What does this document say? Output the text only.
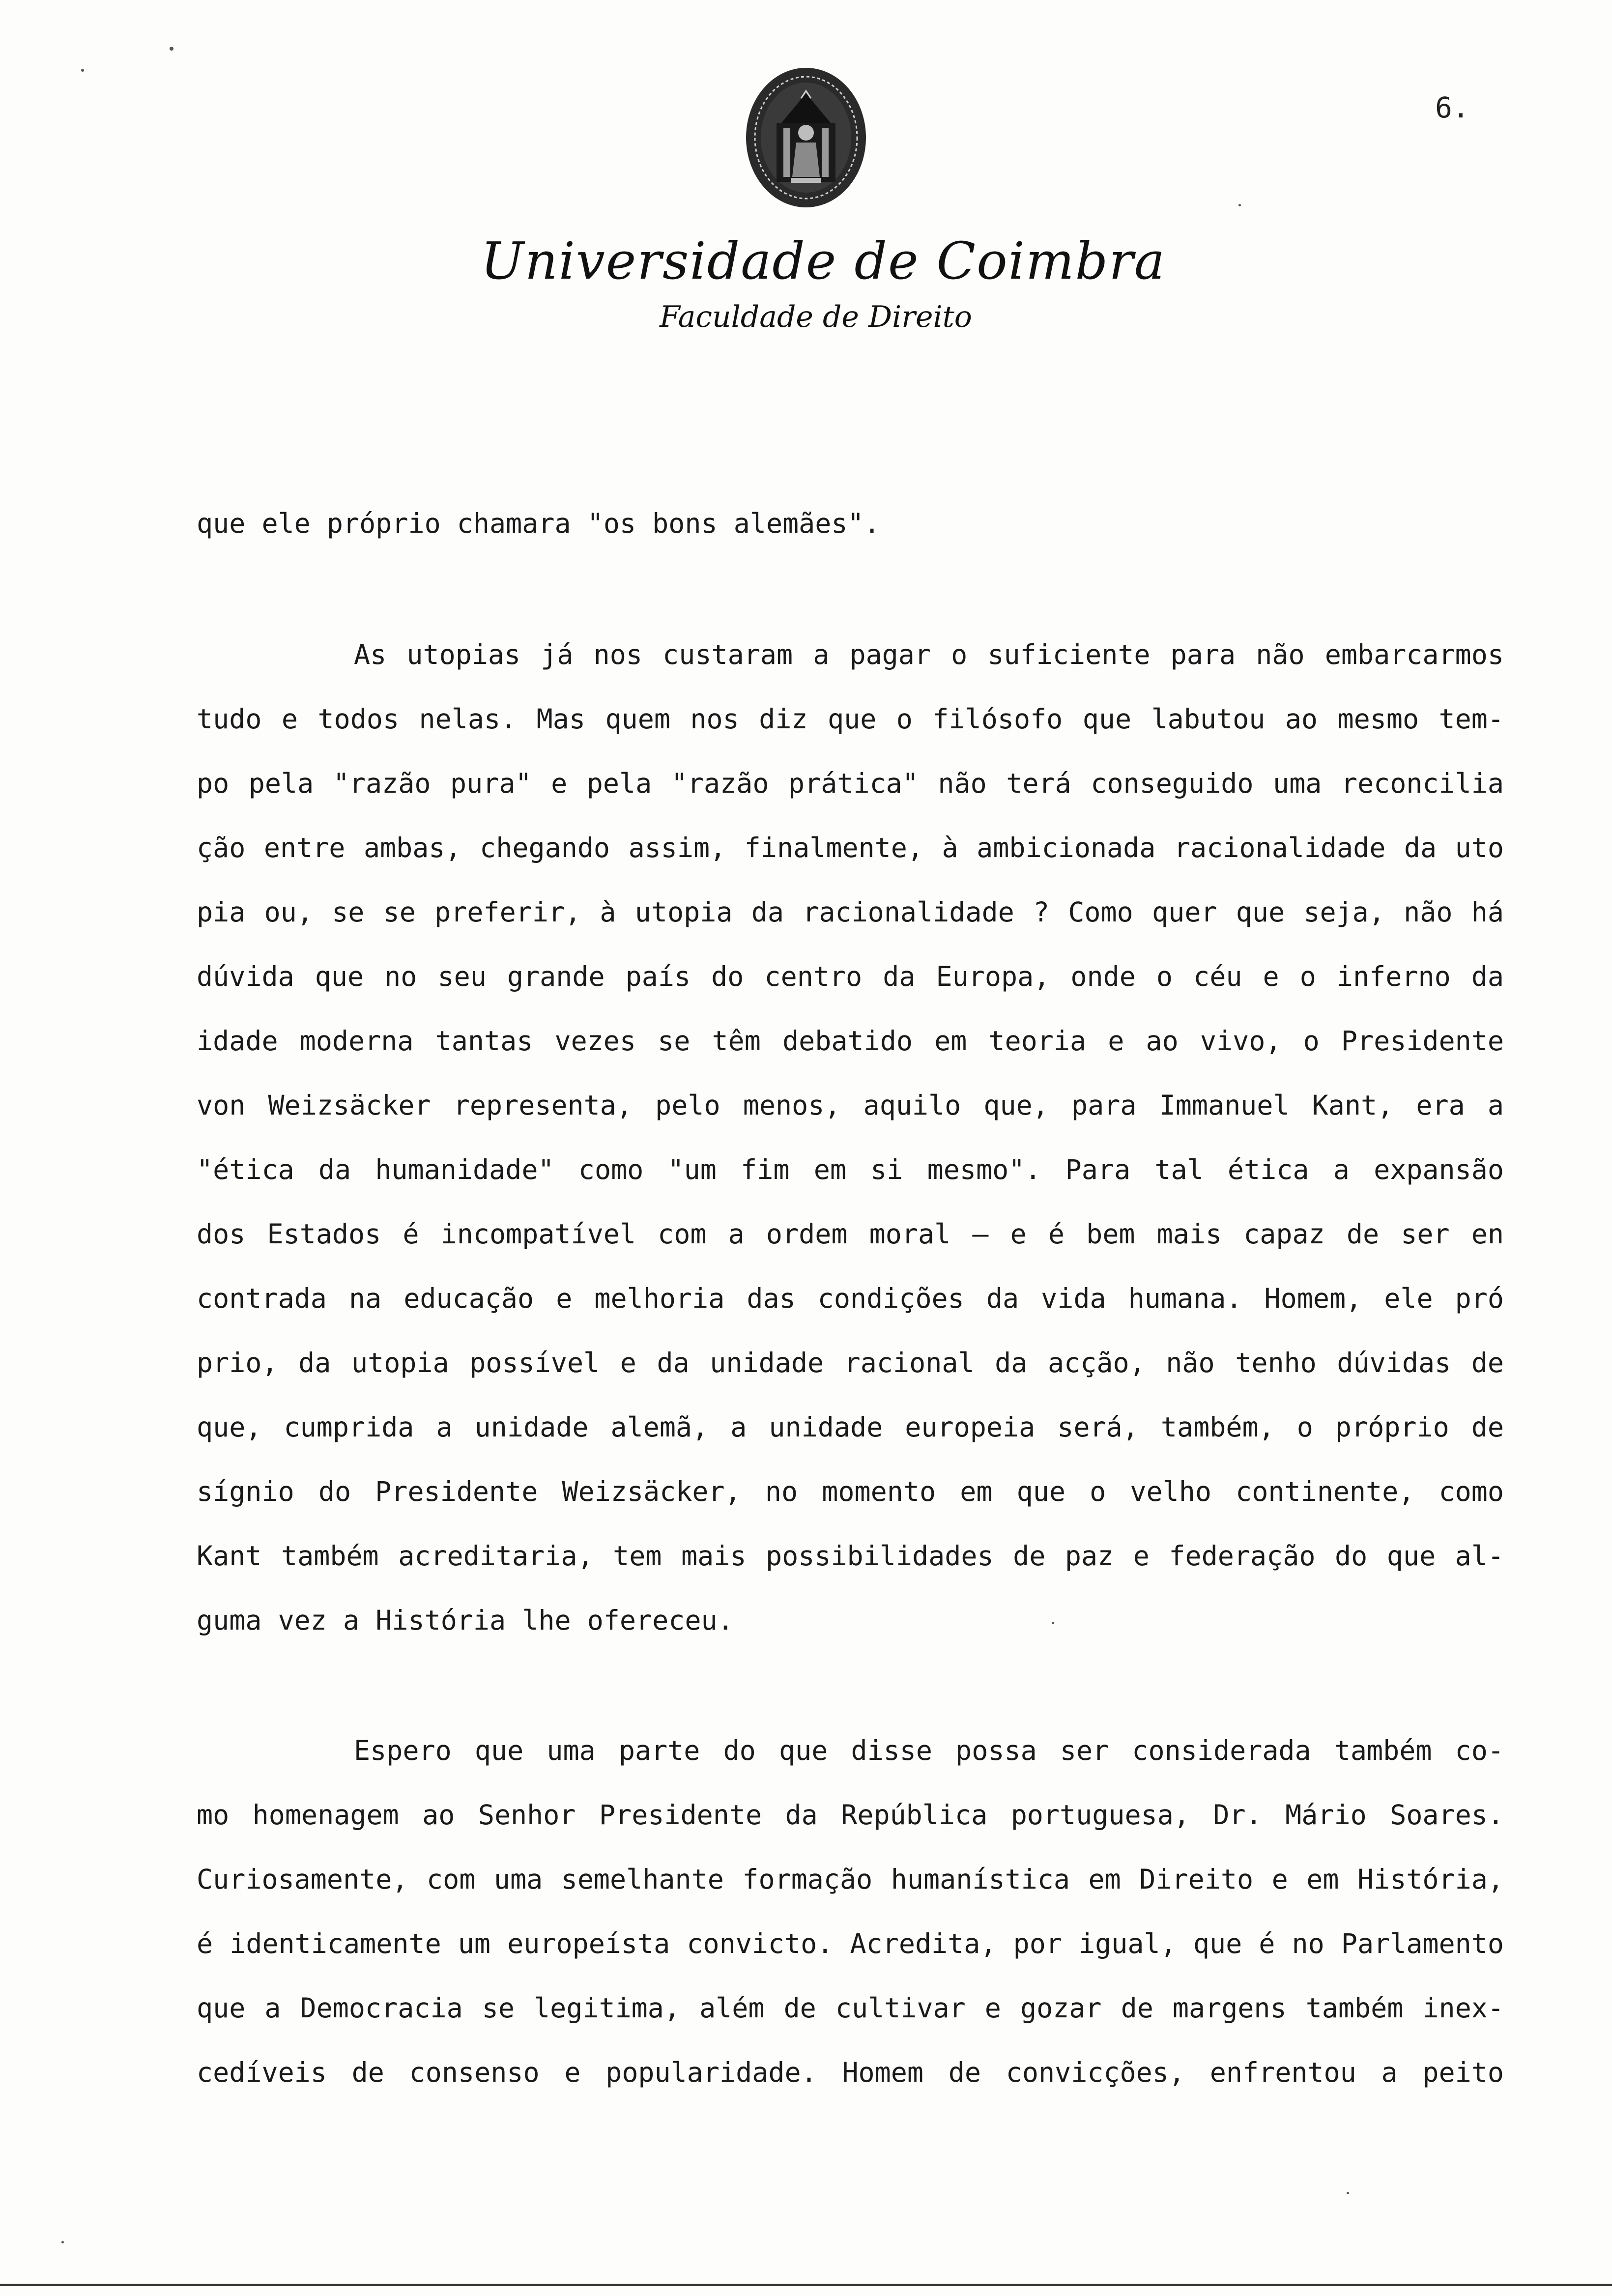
6.
Universidade de Coimbra
Faculdade de Direito
que ele próprio chamara "os bons alemães".
As utopias já nos custaram a pagar o suficiente para não embarcarmos
tudo e todos nelas. Mas quem nos diz que o filósofo que labutou ao mesmo tem-
po pela "razão pura" e pela "razão prática" não terá conseguido uma reconcilia
ção entre ambas, chegando assim, finalmente, à ambicionada racionalidade da uto
pia ou, se se preferir, à utopia da racionalidade ? Como quer que seja, não há
dúvida que no seu grande país do centro da Europa, onde o céu e o inferno da
idade moderna tantas vezes se têm debatido em teoria e ao vivo, o Presidente
von Weizsäcker representa, pelo menos, aquilo que, para Immanuel Kant, era a
"ética da humanidade" como "um fim em si mesmo". Para tal ética a expansão
dos Estados é incompatível com a ordem moral — e é bem mais capaz de ser en
contrada na educação e melhoria das condições da vida humana. Homem, ele pró
prio, da utopia possível e da unidade racional da acção, não tenho dúvidas de
que, cumprida a unidade alemã, a unidade europeia será, também, o próprio de
sígnio do Presidente Weizsäcker, no momento em que o velho continente, como
Kant também acreditaria, tem mais possibilidades de paz e federação do que al-
guma vez a História lhe ofereceu.
Espero que uma parte do que disse possa ser considerada também co-
mo homenagem ao Senhor Presidente da República portuguesa, Dr. Mário Soares.
Curiosamente, com uma semelhante formação humanística em Direito e em História,
é identicamente um europeísta convicto. Acredita, por igual, que é no Parlamento
que a Democracia se legitima, além de cultivar e gozar de margens também inex-
cedíveis de consenso e popularidade. Homem de convicções, enfrentou a peito
